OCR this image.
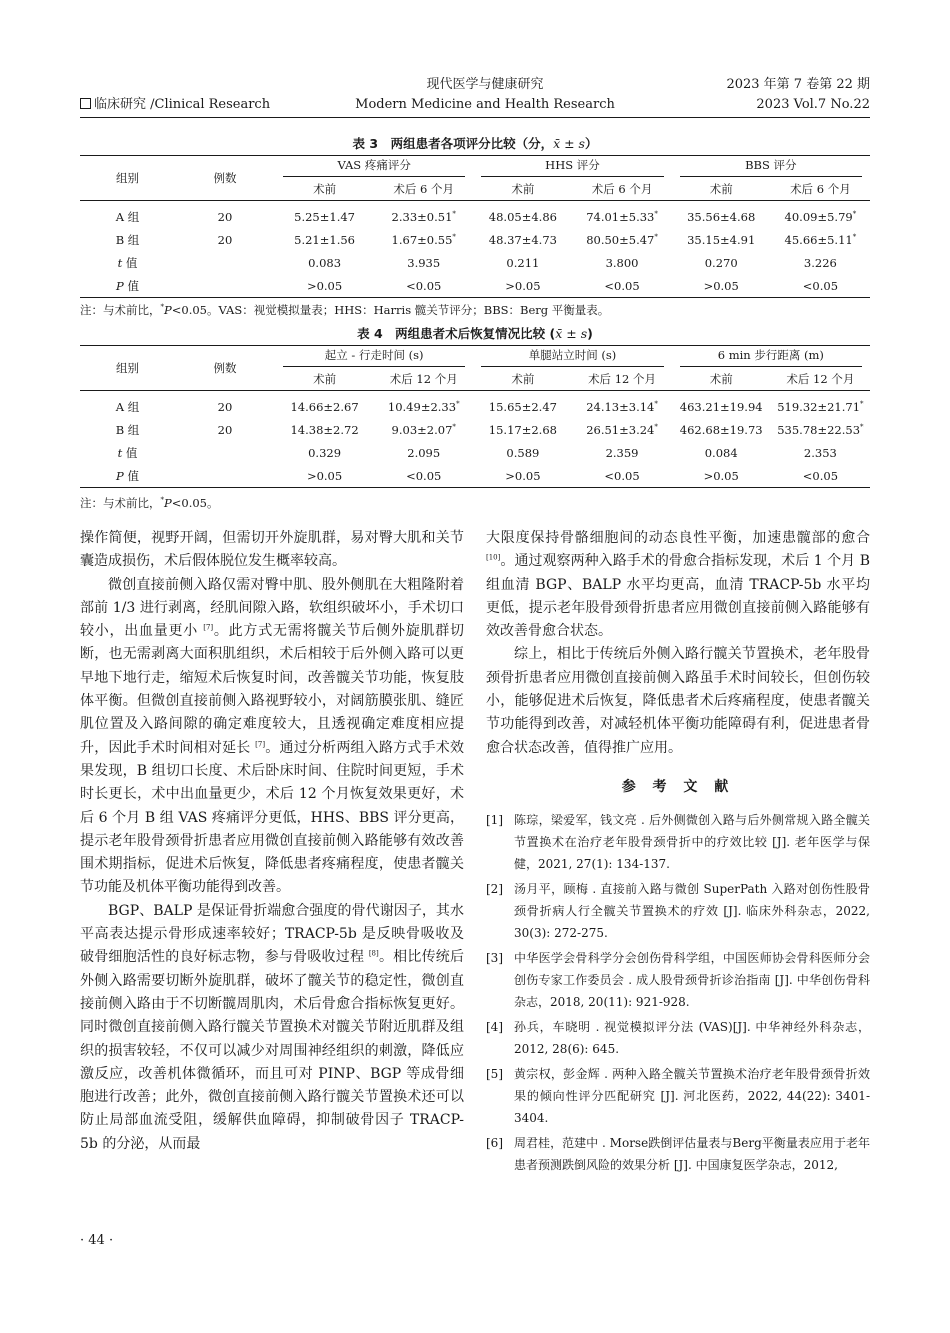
临床研究 /Clinical Research
现代医学与健康研究
Modern Medicine and Health Research
2023 年第 7 卷第 22 期
2023 Vol.7 No.22
表 3　两组患者各项评分比较（分，x̄ ± s）
组别	例数	VAS 疼痛评分		HHS 评分		BBS 评分	
		术前	术后 6 个月	术前	术后 6 个月	术前	术后 6 个月
A 组	20	5.25±1.47	2.33±0.51*	48.05±4.86	74.01±5.33*	35.56±4.68	40.09±5.79*
B 组	20	5.21±1.56	1.67±0.55*	48.37±4.73	80.50±5.47*	35.15±4.91	45.66±5.11*
t 值		0.083	3.935	0.211	3.800	0.270	3.226
P 值		>0.05	<0.05	>0.05	<0.05	>0.05	<0.05
注：与术前比，*P<0.05。VAS：视觉模拟量表；HHS：Harris 髋关节评分；BBS：Berg 平衡量表。
表 4　两组患者术后恢复情况比较 (x̄ ± s)
组别	例数	起立 - 行走时间 (s)		单腿站立时间 (s)		6 min 步行距离 (m)	
		术前	术后 12 个月	术前	术后 12 个月	术前	术后 12 个月
A 组	20	14.66±2.67	10.49±2.33*	15.65±2.47	24.13±3.14*	463.21±19.94	519.32±21.71*
B 组	20	14.38±2.72	9.03±2.07*	15.17±2.68	26.51±3.24*	462.68±19.73	535.78±22.53*
t 值		0.329	2.095	0.589	2.359	0.084	2.353
P 值		>0.05	<0.05	>0.05	<0.05	>0.05	<0.05
注：与术前比，*P<0.05。

操作简便，视野开阔，但需切开外旋肌群，易对臀大肌和关节囊造成损伤，术后假体脱位发生概率较高。

微创直接前侧入路仅需对臀中肌、股外侧肌在大粗隆附着部前 1/3 进行剥离，经肌间隙入路，软组织破坏小，手术切口较小，出血量更小 [7]。此方式无需将髋关节后侧外旋肌群切断，也无需剥离大面积肌组织，术后相较于后外侧入路可以更早地下地行走，缩短术后恢复时间，改善髋关节功能，恢复肢体平衡。但微创直接前侧入路视野较小，对阔筋膜张肌、缝匠肌位置及入路间隙的确定难度较大，且透视确定难度相应提升，因此手术时间相对延长 [7]。通过分析两组入路方式手术效果发现，B 组切口长度、术后卧床时间、住院时间更短，手术时长更长，术中出血量更少，术后 12 个月恢复效果更好，术后 6 个月 B 组 VAS 疼痛评分更低，HHS、BBS 评分更高，提示老年股骨颈骨折患者应用微创直接前侧入路能够有效改善围术期指标，促进术后恢复，降低患者疼痛程度，使患者髋关节功能及机体平衡功能得到改善。

BGP、BALP 是保证骨折端愈合强度的骨代谢因子，其水平高表达提示骨形成速率较好；TRACP-5b 是反映骨吸收及破骨细胞活性的良好标志物，参与骨吸收过程 [8]。相比传统后外侧入路需要切断外旋肌群，破坏了髋关节的稳定性，微创直接前侧入路由于不切断髋周肌肉，术后骨愈合指标恢复更好。同时微创直接前侧入路行髋关节置换术对髋关节附近肌群及组织的损害较轻，不仅可以减少对周围神经组织的刺激，降低应激反应，改善机体微循环，而且可对 PINP、BGP 等成骨细胞进行改善；此外，微创直接前侧入路行髋关节置换术还可以防止局部血流受阻，缓解供血障碍，抑制破骨因子 TRACP-5b 的分泌，从而最

大限度保持骨骼细胞间的动态良性平衡，加速患髋部的愈合 [10]。通过观察两种入路手术的骨愈合指标发现，术后 1 个月 B 组血清 BGP、BALP 水平均更高，血清 TRACP-5b 水平均更低，提示老年股骨颈骨折患者应用微创直接前侧入路能够有效改善骨愈合状态。

综上，相比于传统后外侧入路行髋关节置换术，老年股骨颈骨折患者应用微创直接前侧入路虽手术时间较长，但创伤较小，能够促进术后恢复，降低患者术后疼痛程度，使患者髋关节功能得到改善，对减轻机体平衡功能障碍有利，促进患者骨愈合状态改善，值得推广应用。

参 考 文 献
[1] 陈琮，梁爱军，钱文亮 . 后外侧微创入路与后外侧常规入路全髋关节置换术在治疗老年股骨颈骨折中的疗效比较 [J]. 老年医学与保健，2021, 27(1): 134-137.
[2] 汤月平，顾梅 . 直接前入路与微创 SuperPath 入路对创伤性股骨颈骨折病人行全髋关节置换术的疗效 [J]. 临床外科杂志，2022, 30(3): 272-275.
[3] 中华医学会骨科学分会创伤骨科学组，中国医师协会骨科医师分会创伤专家工作委员会 . 成人股骨颈骨折诊治指南 [J]. 中华创伤骨科杂志，2018, 20(11): 921-928.
[4] 孙兵，车晓明 . 视觉模拟评分法 (VAS)[J]. 中华神经外科杂志，2012, 28(6): 645.
[5] 黄宗权，彭金辉 . 两种入路全髋关节置换术治疗老年股骨颈骨折效果的倾向性评分匹配研究 [J]. 河北医药，2022, 44(22): 3401-3404.
[6] 周君桂，范建中 . Morse跌倒评估量表与Berg平衡量表应用于老年患者预测跌倒风险的效果分析 [J]. 中国康复医学杂志，2012,
· 44 ·
